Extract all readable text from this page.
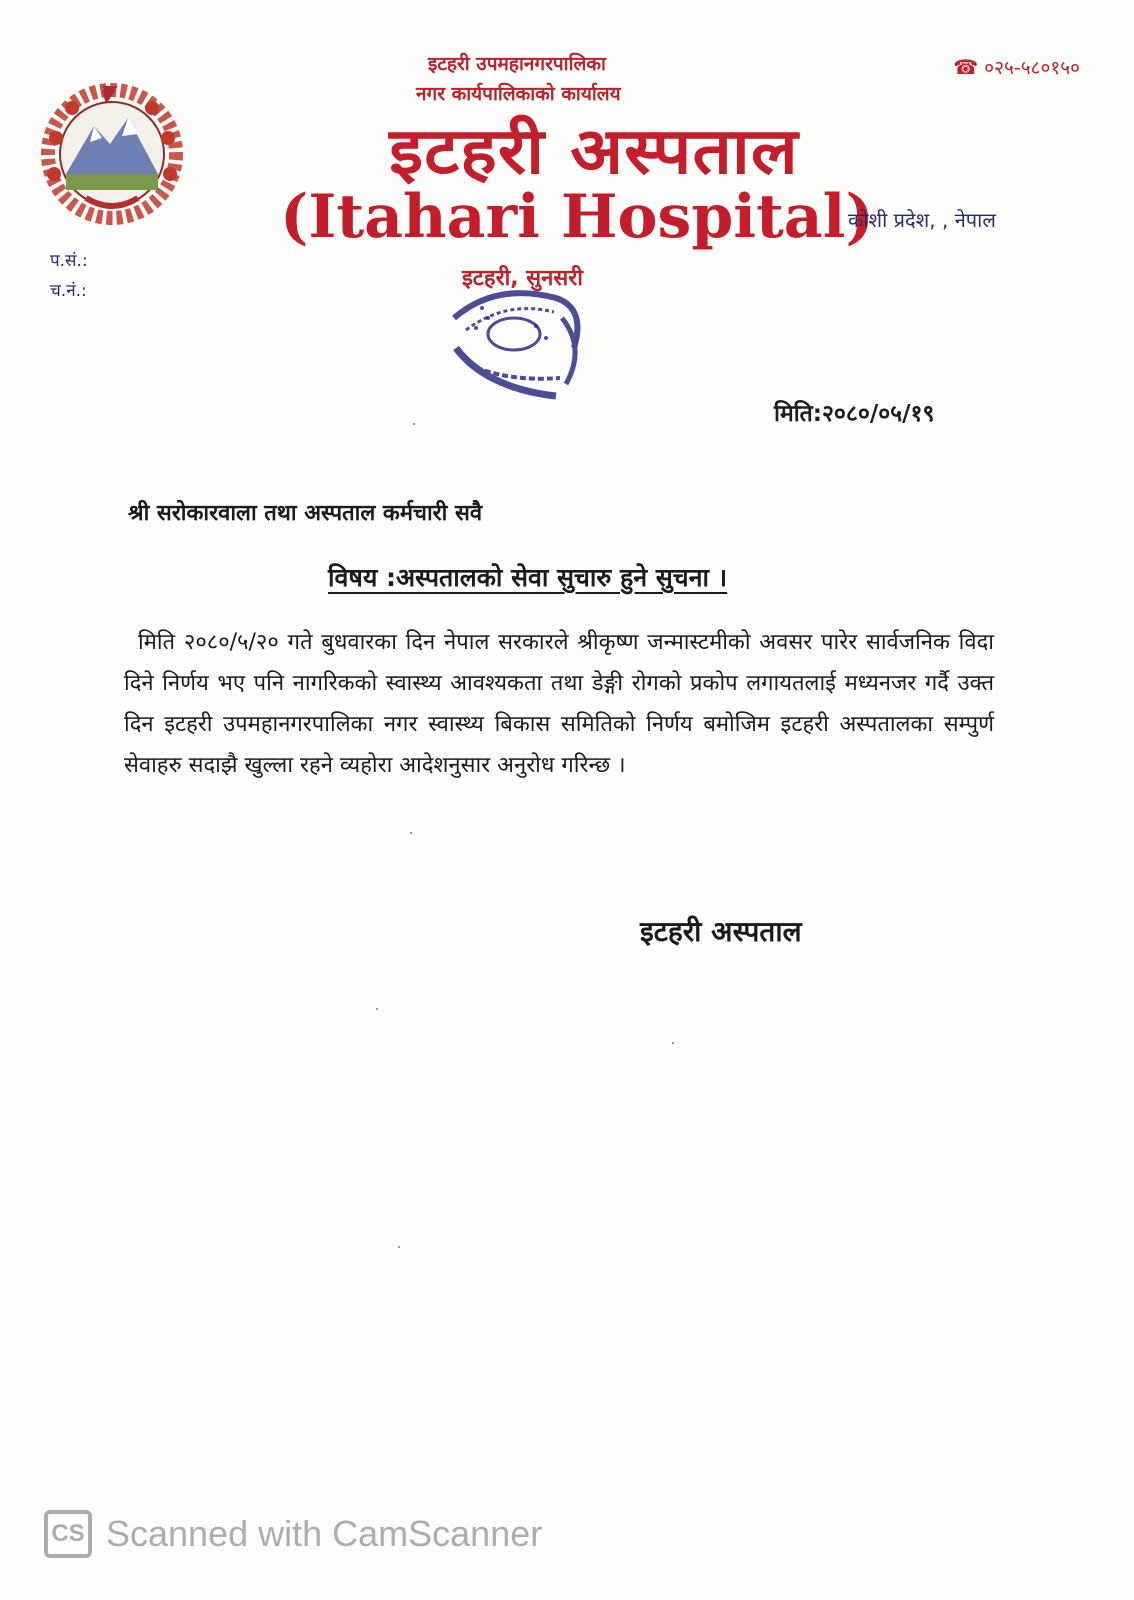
इटहरी उपमहानगरपालिका
नगर कार्यपालिकाको कार्यालय
☎ ०२५-५८०१५०
इटहरी अस्पताल
(Itahari Hospital)
कोशी प्रदेश, , नेपाल
इटहरी, सुनसरी
प.सं.:
च.नं.:
मिति:२०८०/०५/१९
श्री सरोकारवाला तथा अस्पताल कर्मचारी सवै
विषय :अस्पतालको सेवा सुचारु हुने सुचना ।
मिति २०८०/५/२० गते बुधवारका दिन नेपाल सरकारले श्रीकृष्ण जन्मास्टमीको अवसर पारेर सार्वजनिक विदा दिने निर्णय भए पनि नागरिकको स्वास्थ्य आवश्यकता तथा डेङ्गी रोगको प्रकोप लगायतलाई मध्यनजर गर्दै उक्त दिन इटहरी उपमहानगरपालिका नगर स्वास्थ्य बिकास समितिको निर्णय बमोजिम इटहरी अस्पतालका सम्पुर्ण सेवाहरु सदाझै खुल्ला रहने व्यहोरा आदेशनुसार अनुरोध गरिन्छ ।
इटहरी अस्पताल
CS Scanned with CamScanner
